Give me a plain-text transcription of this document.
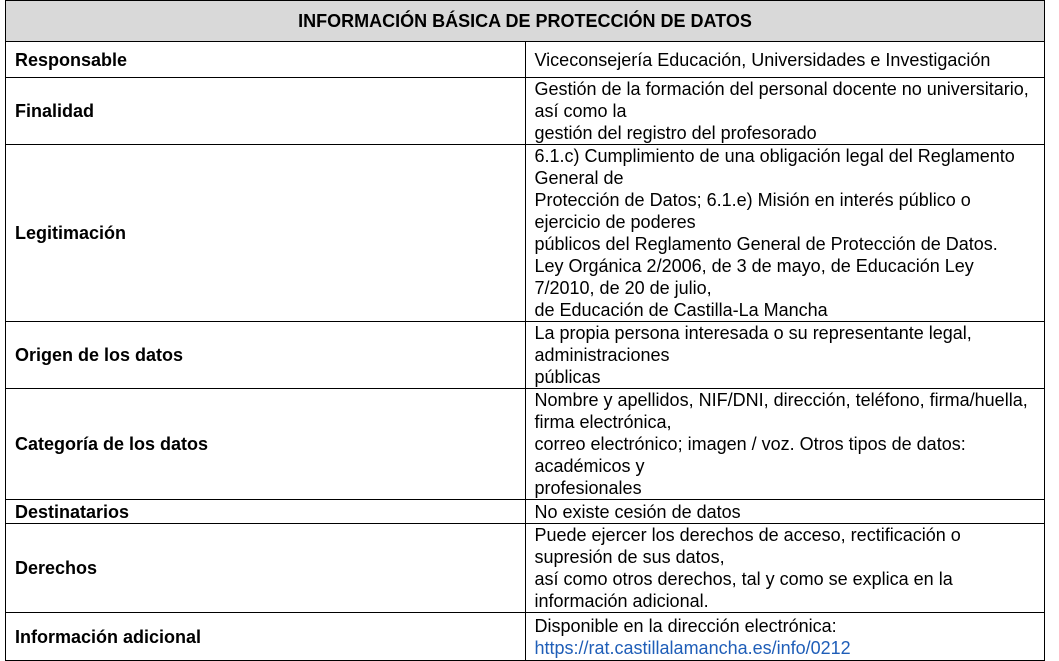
INFORMACIÓN BÁSICA DE PROTECCIÓN DE DATOS	
Responsable	Viceconsejería Educación, Universidades e Investigación

Finalidad	Gestión de la formación del personal docente no universitario, así como la
gestión del registro del profesorado

Legitimación	6.1.c) Cumplimiento de una obligación legal del Reglamento General de
Protección de Datos; 6.1.e) Misión en interés público o ejercicio de poderes
públicos del Reglamento General de Protección de Datos.
Ley Orgánica 2/2006, de 3 de mayo, de Educación Ley 7/2010, de 20 de julio,
de Educación de Castilla-La Mancha

Origen de los datos	La propia persona interesada o su representante legal, administraciones
públicas

Categoría de los datos	Nombre y apellidos, NIF/DNI, dirección, teléfono, firma/huella, firma electrónica,
correo electrónico; imagen / voz. Otros tipos de datos: académicos y
profesionales

Destinatarios	No existe cesión de datos

Derechos	Puede ejercer los derechos de acceso, rectificación o supresión de sus datos,
así como otros derechos, tal y como se explica en la información adicional.

Información adicional	Disponible en la dirección electrónica: https://rat.castillalamancha.es/info/0212
